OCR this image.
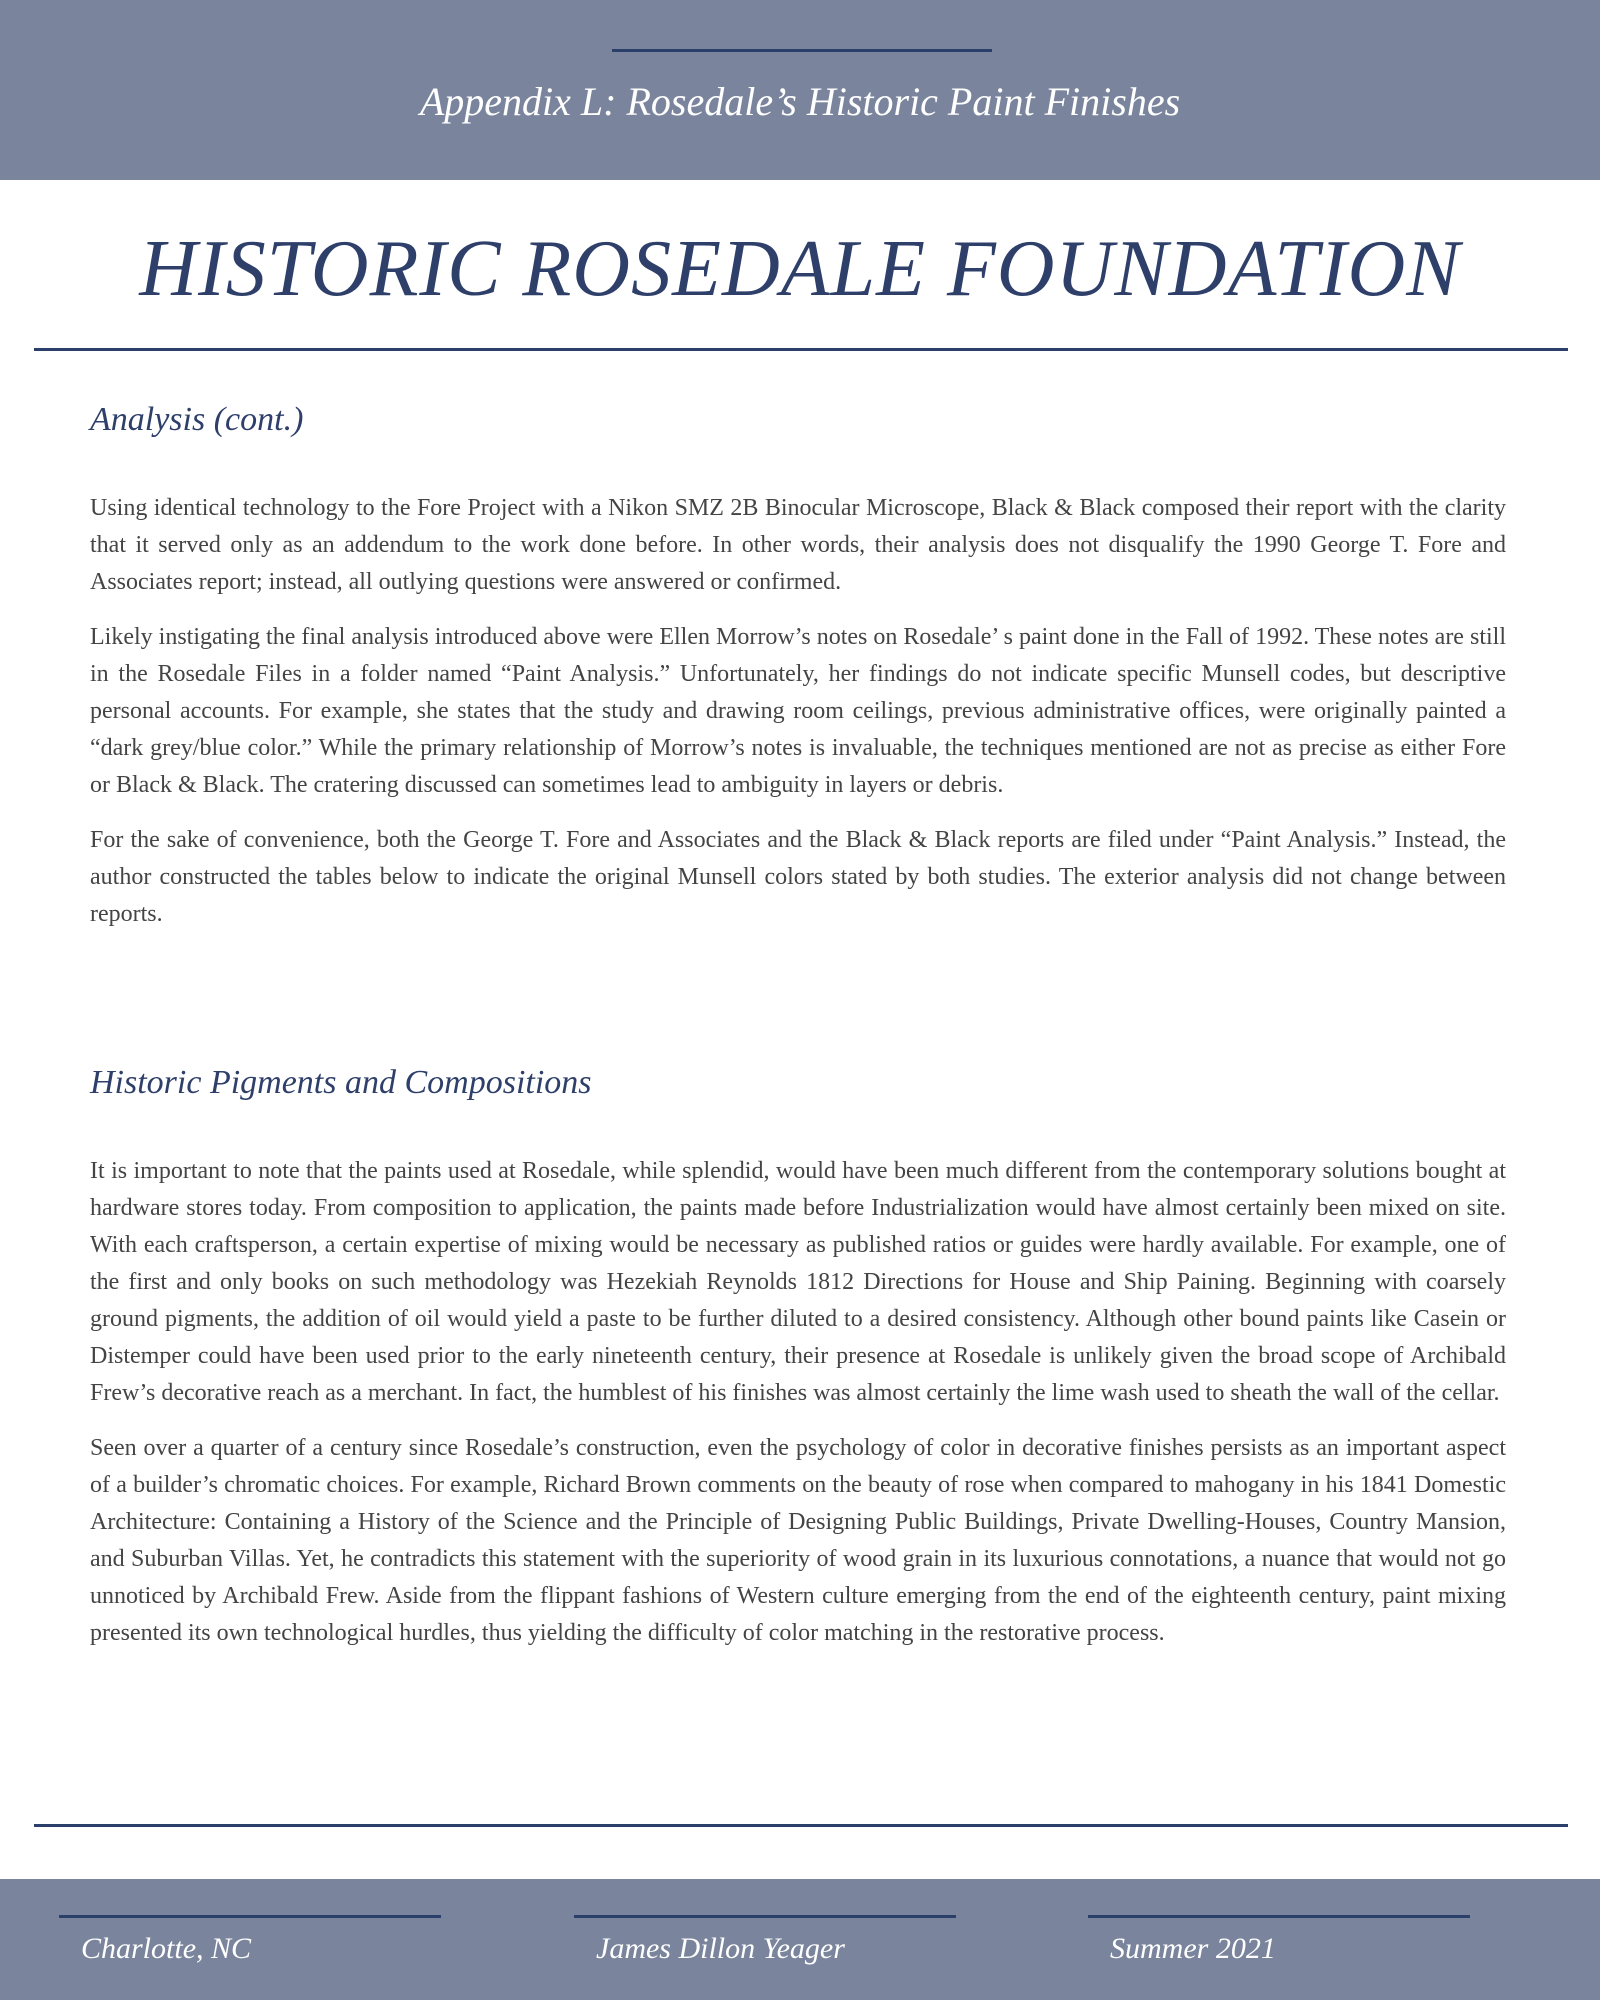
Appendix L: Rosedale’s Historic Paint Finishes
HISTORIC ROSEDALE FOUNDATION
Analysis (cont.)

Using identical technology to the Fore Project with a Nikon SMZ 2B Binocular Microscope, Black & Black composed their report with the clarity that it served only as an addendum to the work done before. In other words, their analysis does not disqualify the 1990 George T. Fore and Associates report; instead, all outlying questions were answered or confirmed.

Likely instigating the final analysis introduced above were Ellen Morrow’s notes on Rosedale’ s paint done in the Fall of 1992. These notes are still in the Rosedale Files in a folder named “Paint Analysis.” Unfortunately, her findings do not indicate specific Munsell codes, but descriptive personal accounts. For example, she states that the study and drawing room ceilings, previous administrative offices, were originally painted a “dark grey/blue color.” While the primary relationship of Morrow’s notes is invaluable, the techniques mentioned are not as precise as either Fore or Black & Black. The cratering discussed can sometimes lead to ambiguity in layers or debris.

For the sake of convenience, both the George T. Fore and Associates and the Black & Black reports are filed under “Paint Analysis.” Instead, the author constructed the tables below to indicate the original Munsell colors stated by both studies. The exterior analysis did not change between reports.

Historic Pigments and Compositions

It is important to note that the paints used at Rosedale, while splendid, would have been much different from the contemporary solutions bought at hardware stores today. From composition to application, the paints made before Industrialization would have almost certainly been mixed on site. With each craftsperson, a certain expertise of mixing would be necessary as published ratios or guides were hardly available. For example, one of the first and only books on such methodology was Hezekiah Reynolds 1812 Directions for House and Ship Paining. Beginning with coarsely ground pigments, the addition of oil would yield a paste to be further diluted to a desired consistency. Although other bound paints like Casein or Distemper could have been used prior to the early nineteenth century, their presence at Rosedale is unlikely given the broad scope of Archibald Frew’s decorative reach as a merchant. In fact, the humblest of his finishes was almost certainly the lime wash used to sheath the wall of the cellar.

Seen over a quarter of a century since Rosedale’s construction, even the psychology of color in decorative finishes persists as an important aspect of a builder’s chromatic choices. For example, Richard Brown comments on the beauty of rose when compared to mahogany in his 1841 Domestic Architecture: Containing a History of the Science and the Principle of Designing Public Buildings, Private Dwelling-Houses, Country Mansion, and Suburban Villas. Yet, he contradicts this statement with the superiority of wood grain in its luxurious connotations, a nuance that would not go unnoticed by Archibald Frew. Aside from the flippant fashions of Western culture emerging from the end of the eighteenth century, paint mixing presented its own technological hurdles, thus yielding the difficulty of color matching in the restorative process.

Charlotte, NC	James Dillon Yeager	Summer 2021
